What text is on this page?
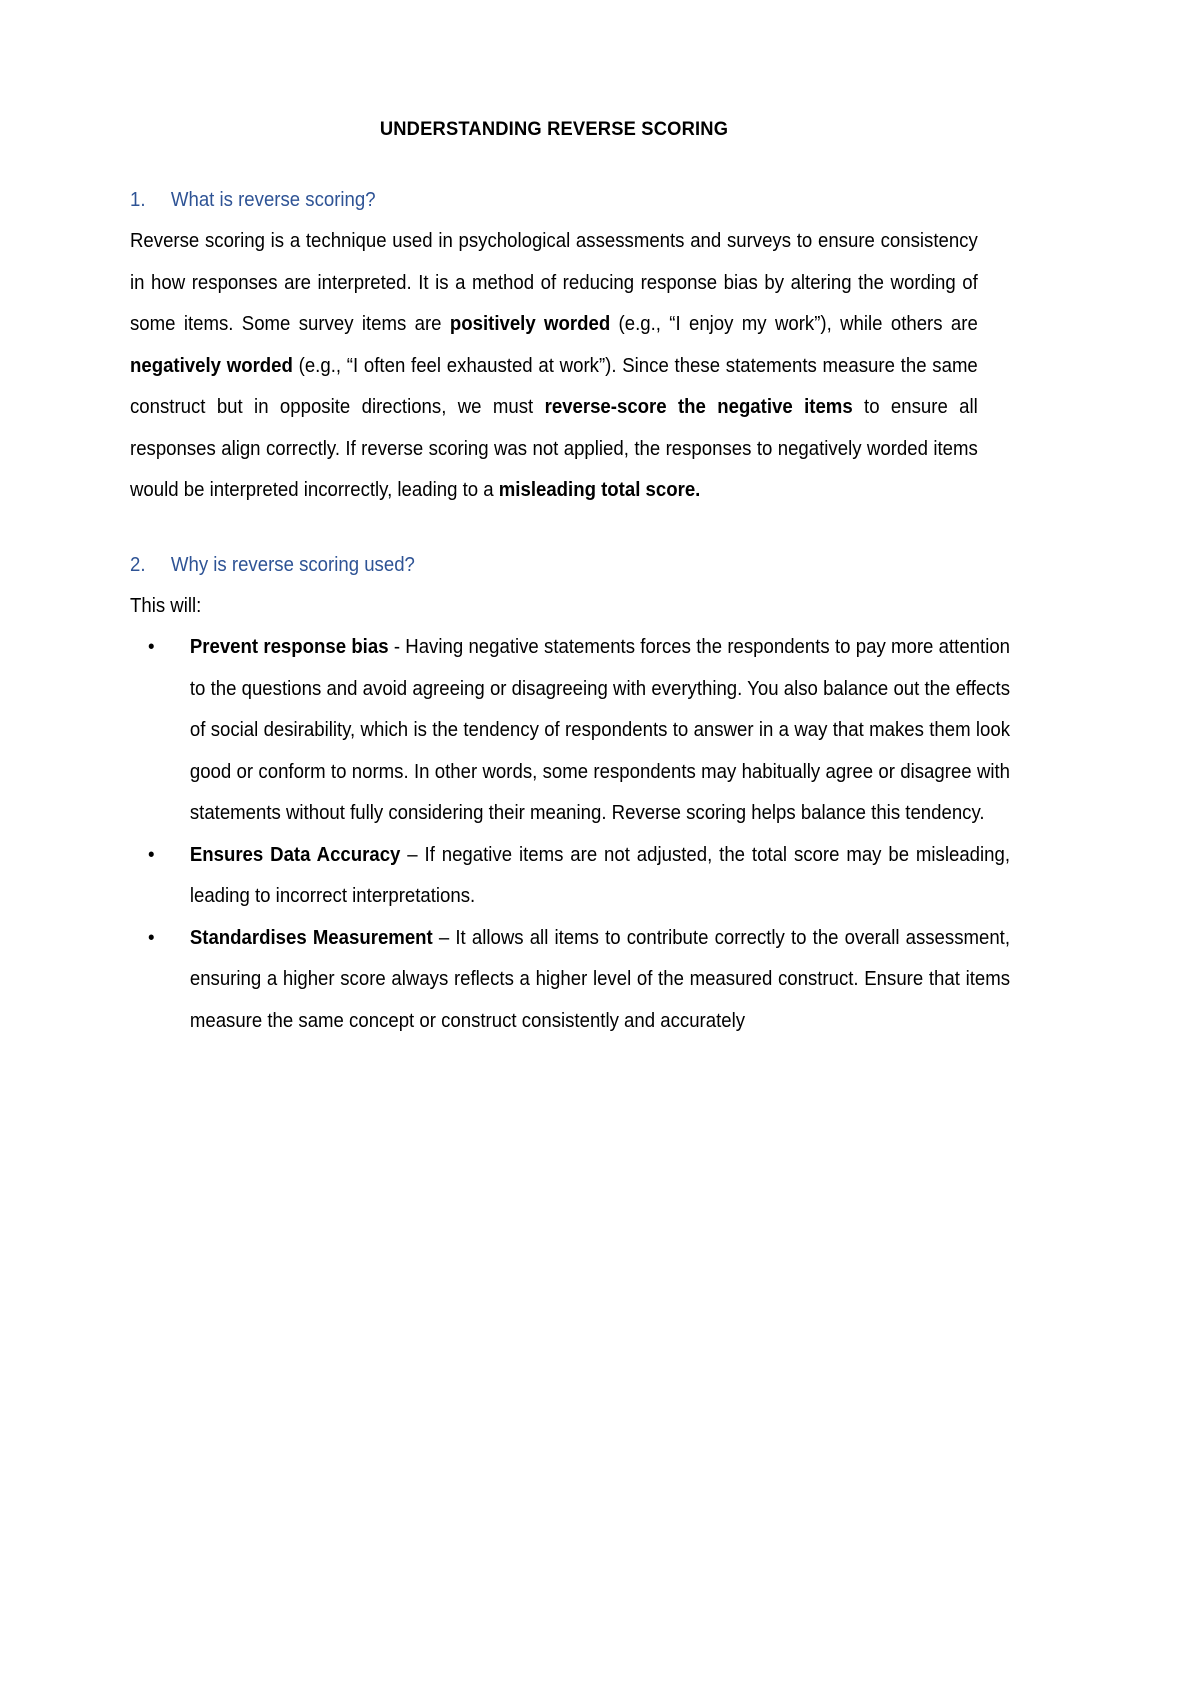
UNDERSTANDING REVERSE SCORING
1.	What is reverse scoring?

Reverse scoring is a technique used in psychological assessments and surveys to ensure consistency in how responses are interpreted. It is a method of reducing response bias by altering the wording of some items. Some survey items are positively worded (e.g., “I enjoy my work”), while others are negatively worded (e.g., “I often feel exhausted at work”). Since these statements measure the same construct but in opposite directions, we must reverse-score the negative items to ensure all responses align correctly. If reverse scoring was not applied, the responses to negatively worded items would be interpreted incorrectly, leading to a misleading total score.

2.	Why is reverse scoring used?

This will:

• Prevent response bias - Having negative statements forces the respondents to pay more attention to the questions and avoid agreeing or disagreeing with everything. You also balance out the effects of social desirability, which is the tendency of respondents to answer in a way that makes them look good or conform to norms. In other words, some respondents may habitually agree or disagree with statements without fully considering their meaning. Reverse scoring helps balance this tendency.
• Ensures Data Accuracy – If negative items are not adjusted, the total score may be misleading, leading to incorrect interpretations.
• Standardises Measurement – It allows all items to contribute correctly to the overall assessment, ensuring a higher score always reflects a higher level of the measured construct. Ensure that items measure the same concept or construct consistently and accurately
